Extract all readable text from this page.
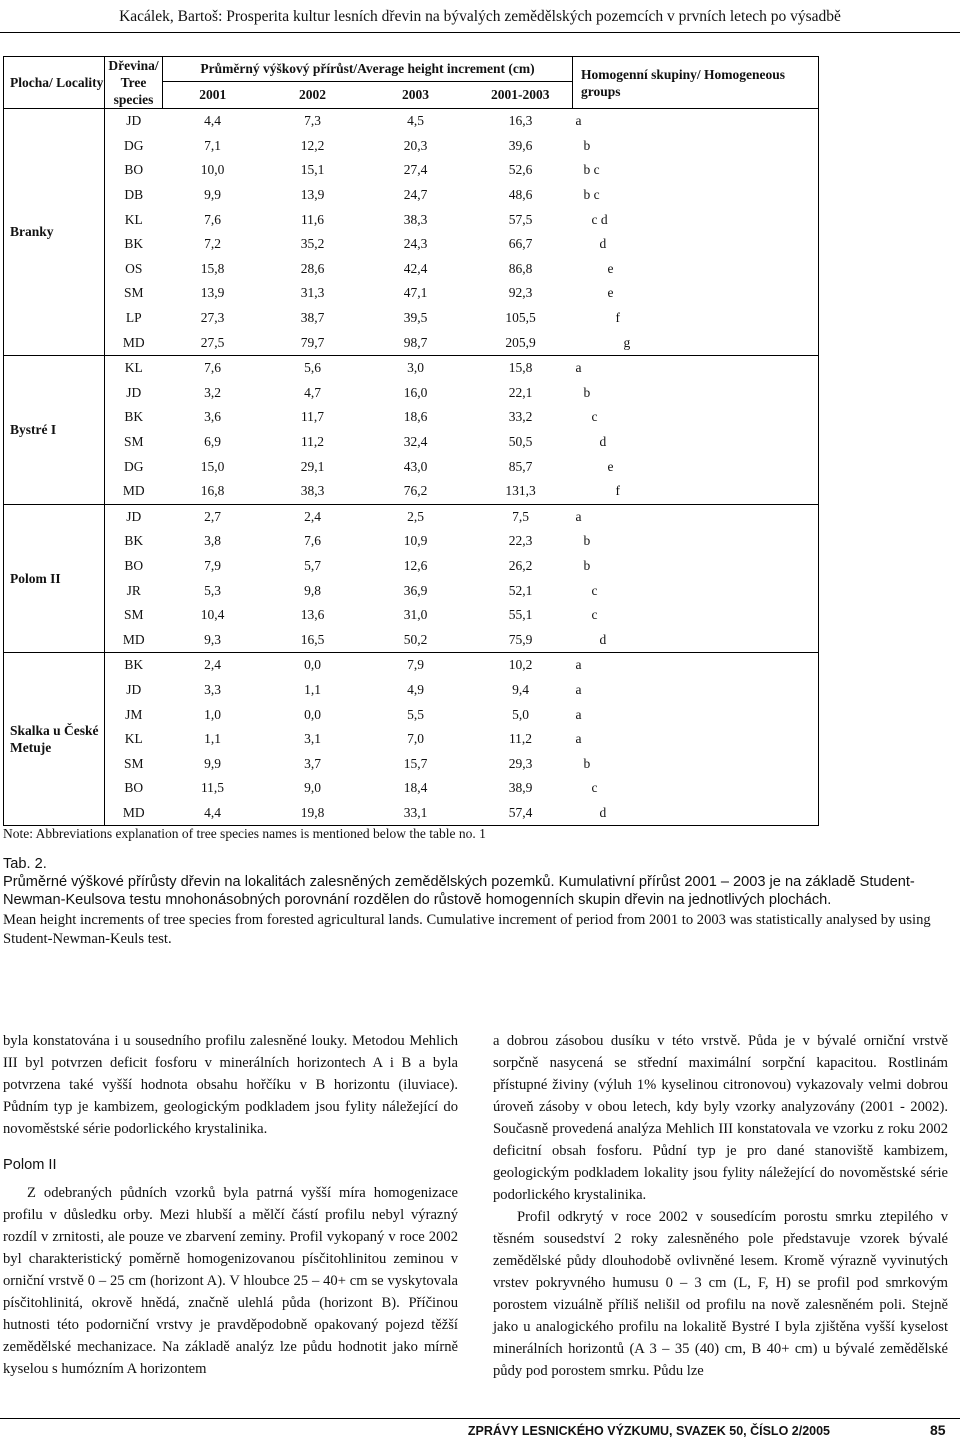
Kacálek, Bartoš: Prosperita kultur lesních dřevin na bývalých zemědělských pozemcích v prvních letech po výsadbě
Plocha/ Locality	Dřevina/ Tree species	Průměrný výškový přírůst/Average height increment (cm)				Homogenní skupiny/ Homogeneous groups
		2001	2002	2003	2001-2003	
Branky	JD	4,4	7,3	4,5	16,3	a
	DG	7,1	12,2	20,3	39,6	b
	BO	10,0	15,1	27,4	52,6	b c
	DB	9,9	13,9	24,7	48,6	b c
	KL	7,6	11,6	38,3	57,5	c d
	BK	7,2	35,2	24,3	66,7	d
	OS	15,8	28,6	42,4	86,8	e
	SM	13,9	31,3	47,1	92,3	e
	LP	27,3	38,7	39,5	105,5	f
	MD	27,5	79,7	98,7	205,9	g
Bystré I	KL	7,6	5,6	3,0	15,8	a
	JD	3,2	4,7	16,0	22,1	b
	BK	3,6	11,7	18,6	33,2	c
	SM	6,9	11,2	32,4	50,5	d
	DG	15,0	29,1	43,0	85,7	e
	MD	16,8	38,3	76,2	131,3	f
Polom II	JD	2,7	2,4	2,5	7,5	a
	BK	3,8	7,6	10,9	22,3	b
	BO	7,9	5,7	12,6	26,2	b
	JR	5,3	9,8	36,9	52,1	c
	SM	10,4	13,6	31,0	55,1	c
	MD	9,3	16,5	50,2	75,9	d
Skalka u České Metuje	BK	2,4	0,0	7,9	10,2	a
	JD	3,3	1,1	4,9	9,4	a
	JM	1,0	0,0	5,5	5,0	a
	KL	1,1	3,1	7,0	11,2	a
	SM	9,9	3,7	15,7	29,3	b
	BO	11,5	9,0	18,4	38,9	c
	MD	4,4	19,8	33,1	57,4	d
Note: Abbreviations explanation of tree species names is mentioned below the table no. 1
Tab. 2.
Průměrné výškové přírůsty dřevin na lokalitách zalesněných zemědělských pozemků. Kumulativní přírůst 2001 – 2003 je na základě Student-Newman-Keulsova testu mnohonásobných porovnání rozdělen do růstově homogenních skupin dřevin na jednotlivých plochách.
Mean height increments of tree species from forested agricultural lands. Cumulative increment of period from 2001 to 2003 was statistically analysed by using Student-Newman-Keuls test.

byla konstatována i u sousedního profilu zalesněné louky. Metodou Mehlich III byl potvrzen deficit fosforu v minerálních horizontech A i B a byla potvrzena také vyšší hodnota obsahu hořčíku v B horizontu (iluviace). Půdním typ je kambizem, geologickým podkladem jsou fylity náležející do novoměstské série podorlického krystalinika.

Polom II

Z odebraných půdních vzorků byla patrná vyšší míra homogenizace profilu v důsledku orby. Mezi hlubší a mělčí částí profilu nebyl výrazný rozdíl v zrnitosti, ale pouze ve zbarvení zeminy. Profil vykopaný v roce 2002 byl charakteristický poměrně homogenizovanou písčitohlinitou zeminou v orniční vrstvě 0 – 25 cm (horizont A). V hloubce 25 – 40+ cm se vyskytovala písčitohlinitá, okrově hnědá, značně ulehlá půda (horizont B). Příčinou hutnosti této podorniční vrstvy je pravděpodobně opakovaný pojezd těžší zemědělské mechanizace. Na základě analýz lze půdu hodnotit jako mírně kyselou s humózním A horizontem

a dobrou zásobou dusíku v této vrstvě. Půda je v bývalé orniční vrstvě sorpčně nasycená se střední maximální sorpční kapacitou. Rostlinám přístupné živiny (výluh 1% kyselinou citronovou) vykazovaly velmi dobrou úroveň zásoby v obou letech, kdy byly vzorky analyzovány (2001 - 2002). Současně provedená analýza Mehlich III konstatovala ve vzorku z roku 2002 deficitní obsah fosforu. Půdní typ je pro dané stanoviště kambizem, geologickým podkladem lokality jsou fylity náležející do novoměstské série podorlického krystalinika.

Profil odkrytý v roce 2002 v sousedícím porostu smrku ztepilého v těsném sousedství 2 roky zalesněného pole představuje vzorek bývalé zemědělské půdy dlouhodobě ovlivněné lesem. Kromě výrazně vyvinutých vrstev pokryvného humusu 0 – 3 cm (L, F, H) se profil pod smrkovým porostem vizuálně příliš nelišil od profilu na nově zalesněném poli. Stejně jako u analogického profilu na lokalitě Bystré I byla zjištěna vyšší kyselost minerálních horizontů (A 3 – 35 (40) cm, B 40+ cm) u bývalé zemědělské půdy pod porostem smrku. Půdu lze

ZPRÁVY LESNICKÉHO VÝZKUMU, SVAZEK 50, ČÍSLO 2/2005	85
